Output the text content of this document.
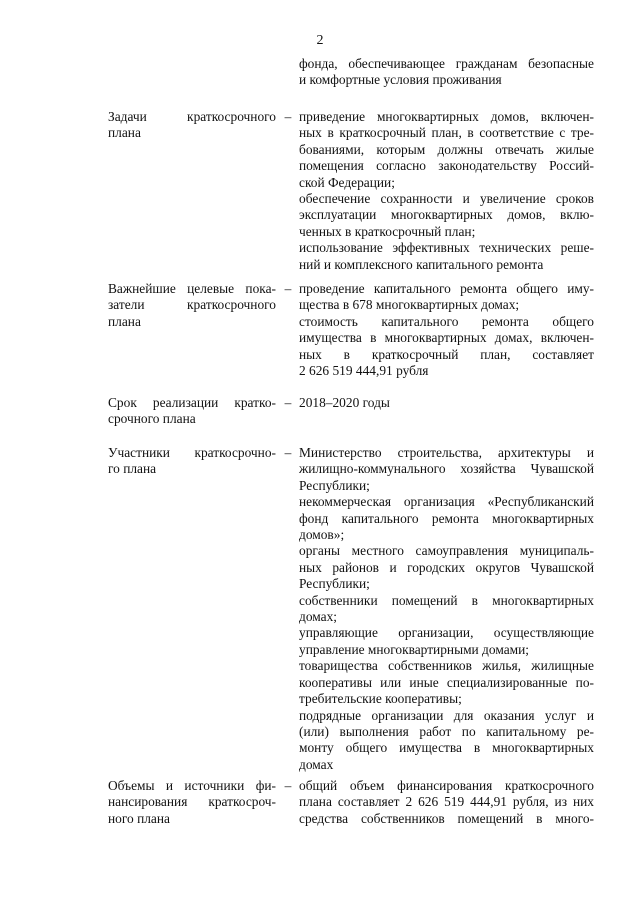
2
фонда, обеспечивающее гражданам безопасные
и комфортные условия проживания
Задачи краткосрочного
плана
– приведение многоквартирных домов, включен-
ных в краткосрочный план, в соответствие с тре-
бованиями, которым должны отвечать жилые
помещения согласно законодательству Россий-
ской Федерации;
обеспечение сохранности и увеличение сроков
эксплуатации многоквартирных домов, вклю-
ченных в краткосрочный план;
использование эффективных технических реше-
ний и комплексного капитального ремонта
Важнейшие целевые пока-
затели краткосрочного
плана
– проведение капитального ремонта общего иму-
щества в 678 многоквартирных домах;
стоимость капитального ремонта общего
имущества в многоквартирных домах, включен-
ных в краткосрочный план, составляет
2 626 519 444,91 рубля
Срок реализации кратко-
срочного плана
– 2018–2020 годы
Участники краткосрочно-
го плана
– Министерство строительства, архитектуры и
жилищно-коммунального хозяйства Чувашской
Республики;
некоммерческая организация «Республиканский
фонд капитального ремонта многоквартирных
домов»;
органы местного самоуправления муниципаль-
ных районов и городских округов Чувашской
Республики;
собственники помещений в многоквартирных
домах;
управляющие организации, осуществляющие
управление многоквартирными домами;
товарищества собственников жилья, жилищные
кооперативы или иные специализированные по-
требительские кооперативы;
подрядные организации для оказания услуг и
(или) выполнения работ по капитальному ре-
монту общего имущества в многоквартирных
домах
Объемы и источники фи-
нансирования краткосроч-
ного плана
– общий объем финансирования краткосрочного
плана составляет 2 626 519 444,91 рубля, из них
средства собственников помещений в много-
